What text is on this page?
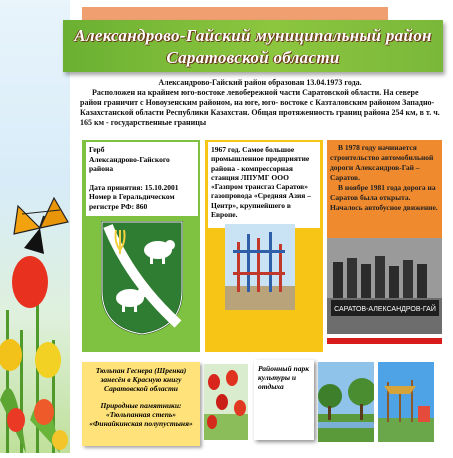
Александрово-Гайский муниципальный район
Саратовской области
Александрово-Гайский район образован 13.04.1973 года.
Расположен на крайнем юго-востоке левобережной части Саратовской области. На севере район граничит с Новоузенским районом, на юге, юго- востоке с Казталовским районом Западно-Казахстанской области Республики Казахстан. Общая протяженность границ района 254 км, в т. ч. 165 км - государственные границы
Герб
Александрово-Гайского района
Дата принятия: 15.10.2001
Номер в Геральдическом регистре РФ: 860
1967 год. Самое большое промышленное предприятие района - компрессорная станция ЛПУМГ ООО «Газпром трансгаз Саратов» газопровода «Средняя Азия – Центр», крупнейшего в Европе.
В 1978 году начинается строительство автомобильной дороги Александров-Гай – Саратов.
В ноябре 1981 года дорога на Саратов была открыта. Началось автобусное движение.
САРАТОВ-АЛЕКСАНДРОВ-ГАЙ
Тюльпан Геснера (Шренка)
занесён в Красную книгу
Саратовской области
Природные памятники:
«Тюльпанная степь»
«Финайкинская полупустыня»
Районный парк культуры и отдыха
